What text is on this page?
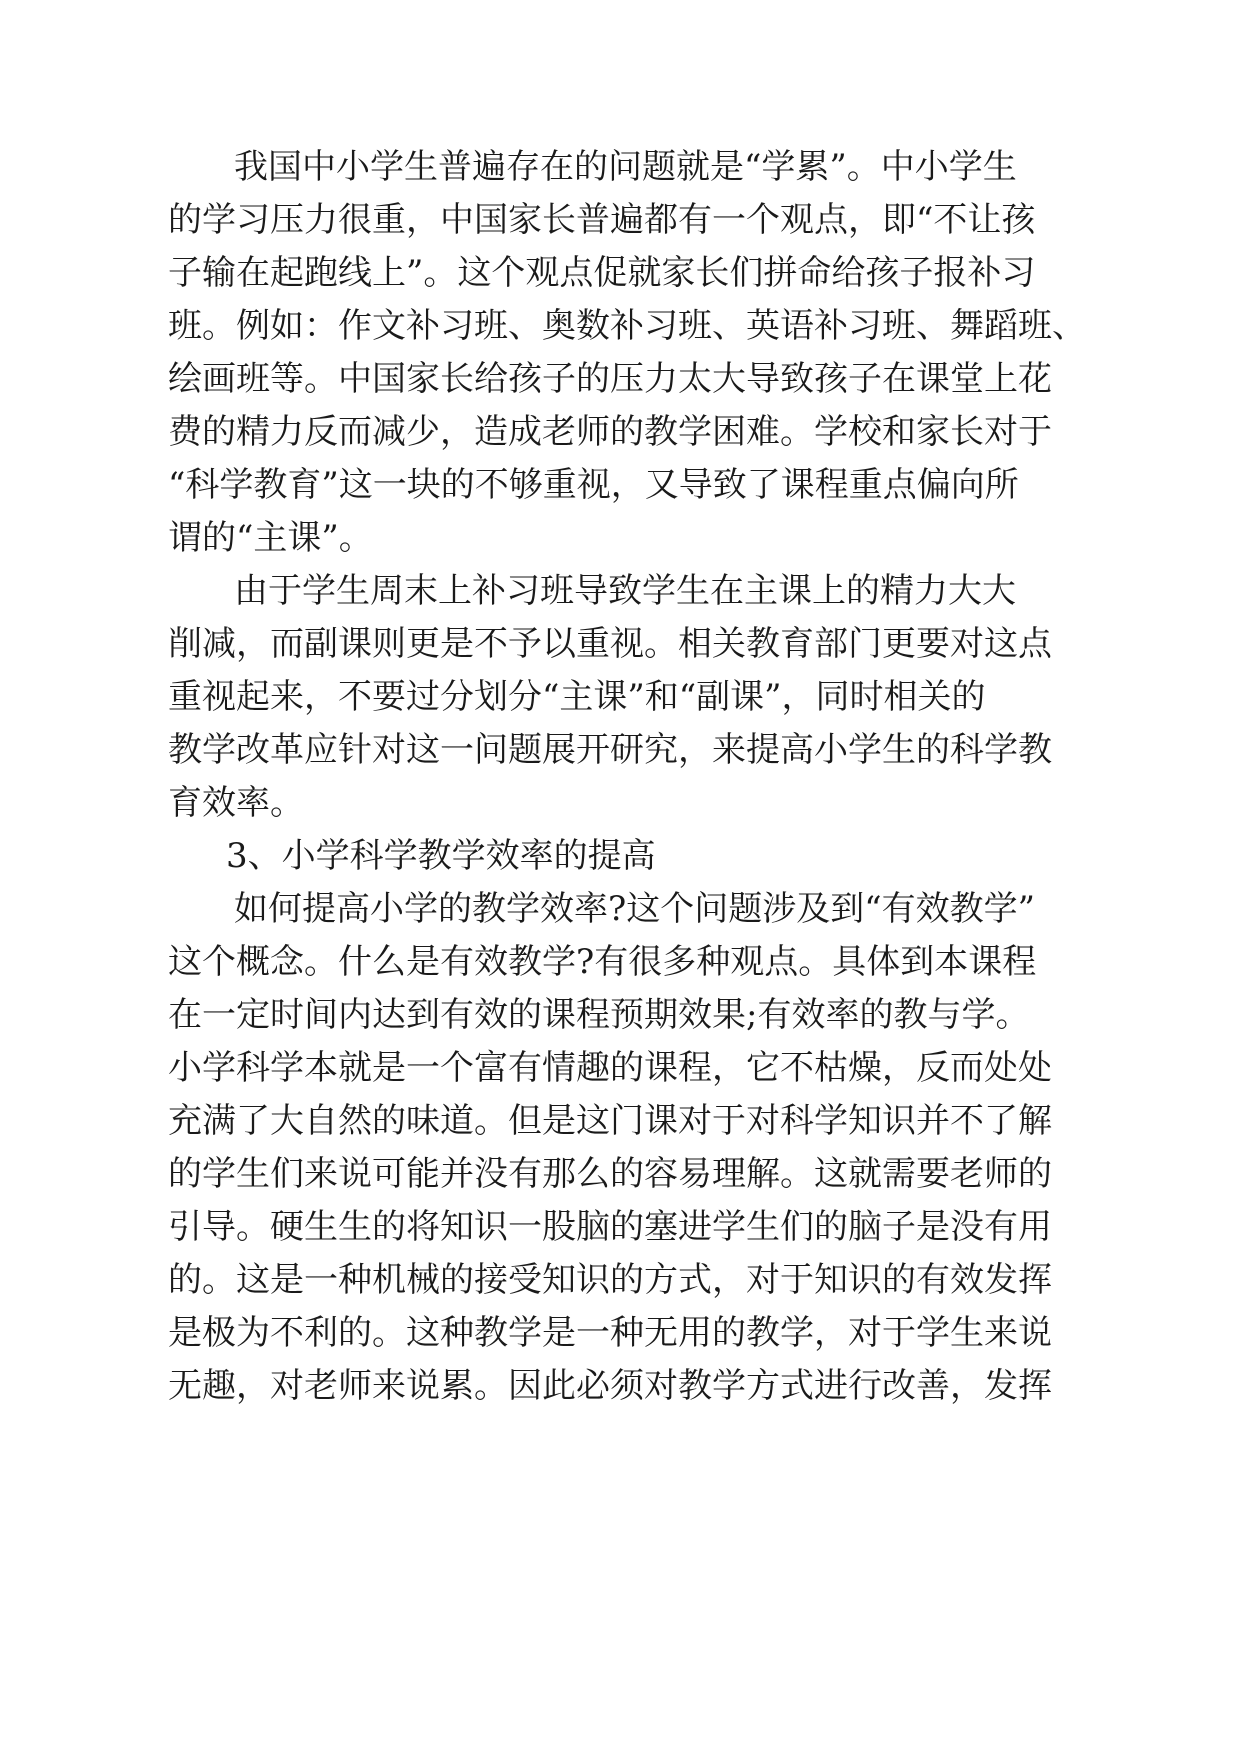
我国中小学生普遍存在的问题就是“学累”。中小学生
的学习压力很重，中国家长普遍都有一个观点，即“不让孩
子输在起跑线上”。这个观点促就家长们拼命给孩子报补习
班。例如：作文补习班、奥数补习班、英语补习班、舞蹈班、
绘画班等。中国家长给孩子的压力太大导致孩子在课堂上花
费的精力反而减少，造成老师的教学困难。学校和家长对于
“科学教育”这一块的不够重视，又导致了课程重点偏向所
谓的“主课”。
由于学生周末上补习班导致学生在主课上的精力大大
削减，而副课则更是不予以重视。相关教育部门更要对这点
重视起来，不要过分划分“主课”和“副课”，同时相关的
教学改革应针对这一问题展开研究，来提高小学生的科学教
育效率。
3、小学科学教学效率的提高
如何提高小学的教学效率?这个问题涉及到“有效教学”
这个概念。什么是有效教学?有很多种观点。具体到本课程
在一定时间内达到有效的课程预期效果;有效率的教与学。
小学科学本就是一个富有情趣的课程，它不枯燥，反而处处
充满了大自然的味道。但是这门课对于对科学知识并不了解
的学生们来说可能并没有那么的容易理解。这就需要老师的
引导。硬生生的将知识一股脑的塞进学生们的脑子是没有用
的。这是一种机械的接受知识的方式，对于知识的有效发挥
是极为不利的。这种教学是一种无用的教学，对于学生来说
无趣，对老师来说累。因此必须对教学方式进行改善，发挥
